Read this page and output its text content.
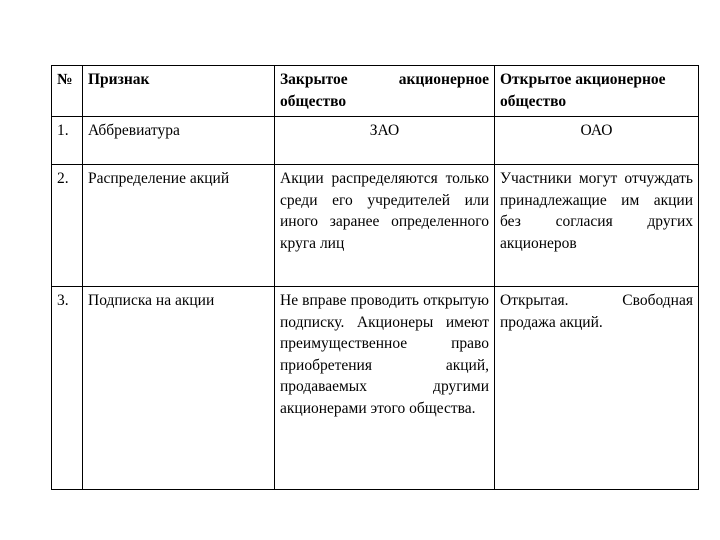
№	Признак	Закрытое акционерное общество	Открытое акционерное общество
1.	Аббревиатура	ЗАО	ОАО
2.	Распределение акций	Акции распределяются только среди его учредителей или иного заранее определенного круга лиц	Участники могут отчуждать принадлежащие им акции без согласия других акционеров
3.	Подписка на акции	Не вправе проводить открытую подписку. Акционеры имеют преимущественное право приобретения акций, продаваемых другими акционерами этого общества.	Открытая. Свободная продажа акций.
